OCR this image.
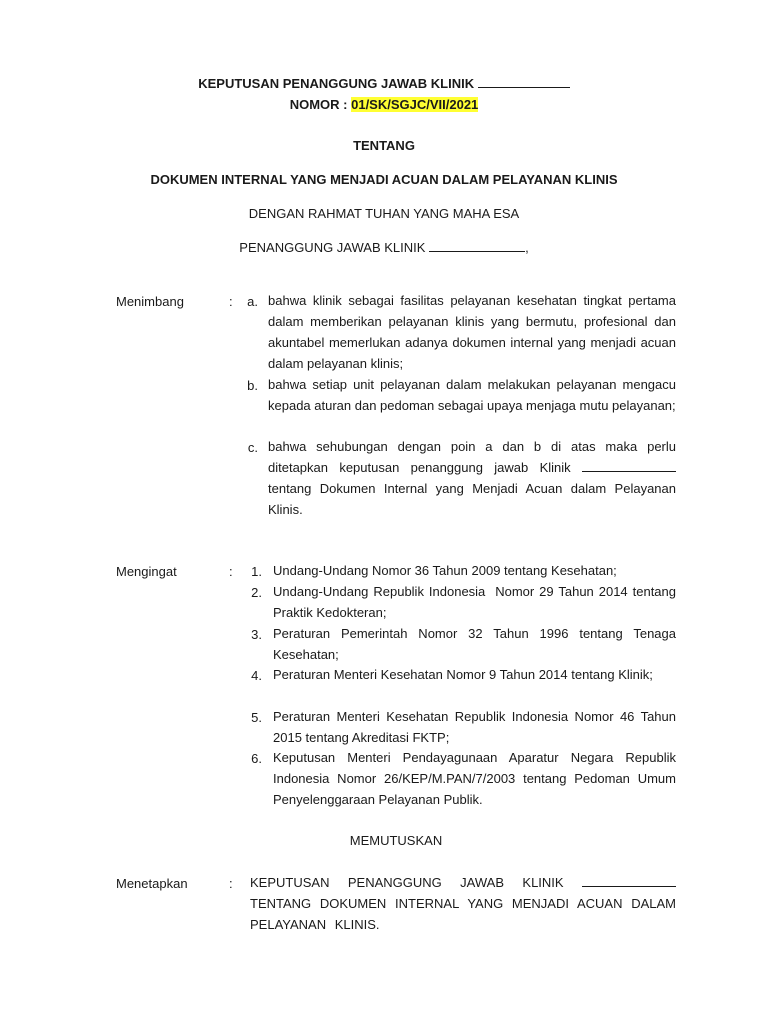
KEPUTUSAN PENANGGUNG JAWAB KLINIK
NOMOR : 01/SK/SGJC/VII/2021
TENTANG
DOKUMEN INTERNAL YANG MENJADI ACUAN DALAM PELAYANAN KLINIS
DENGAN RAHMAT TUHAN YANG MAHA ESA
PENANGGUNG JAWAB KLINIK	,
Menimbang	:	a. bahwa klinik sebagai fasilitas pelayanan kesehatan tingkat pertama dalam memberikan pelayanan klinis yang bermutu, profesional dan akuntabel memerlukan adanya dokumen internal yang menjadi acuan dalam pelayanan klinis;
b. bahwa setiap unit pelayanan dalam melakukan pelayanan mengacu kepada aturan dan pedoman sebagai upaya menjaga mutu pelayanan;
c. bahwa sehubungan dengan poin a dan b di atas maka perlu ditetapkan keputusan penanggung jawab Klinik  tentang Dokumen Internal yang Menjadi Acuan dalam Pelayanan Klinis.
Mengingat	:	1. Undang-Undang Nomor 36 Tahun 2009 tentang Kesehatan;
2. Undang-Undang Republik Indonesia  Nomor 29 Tahun 2014 tentang Praktik Kedokteran;
3. Peraturan Pemerintah Nomor 32 Tahun 1996 tentang Tenaga Kesehatan;
4. Peraturan Menteri Kesehatan Nomor 9 Tahun 2014 tentang Klinik;
5. Peraturan Menteri Kesehatan Republik Indonesia Nomor 46 Tahun 2015 tentang Akreditasi FKTP;
6. Keputusan Menteri Pendayagunaan Aparatur Negara Republik Indonesia Nomor 26/KEP/M.PAN/7/2003 tentang Pedoman Umum Penyelenggaraan Pelayanan Publik.
MEMUTUSKAN
Menetapkan	: KEPUTUSAN PENANGGUNG JAWAB KLINIK  TENTANG DOKUMEN INTERNAL YANG MENJADI ACUAN DALAM PELAYANAN KLINIS.
